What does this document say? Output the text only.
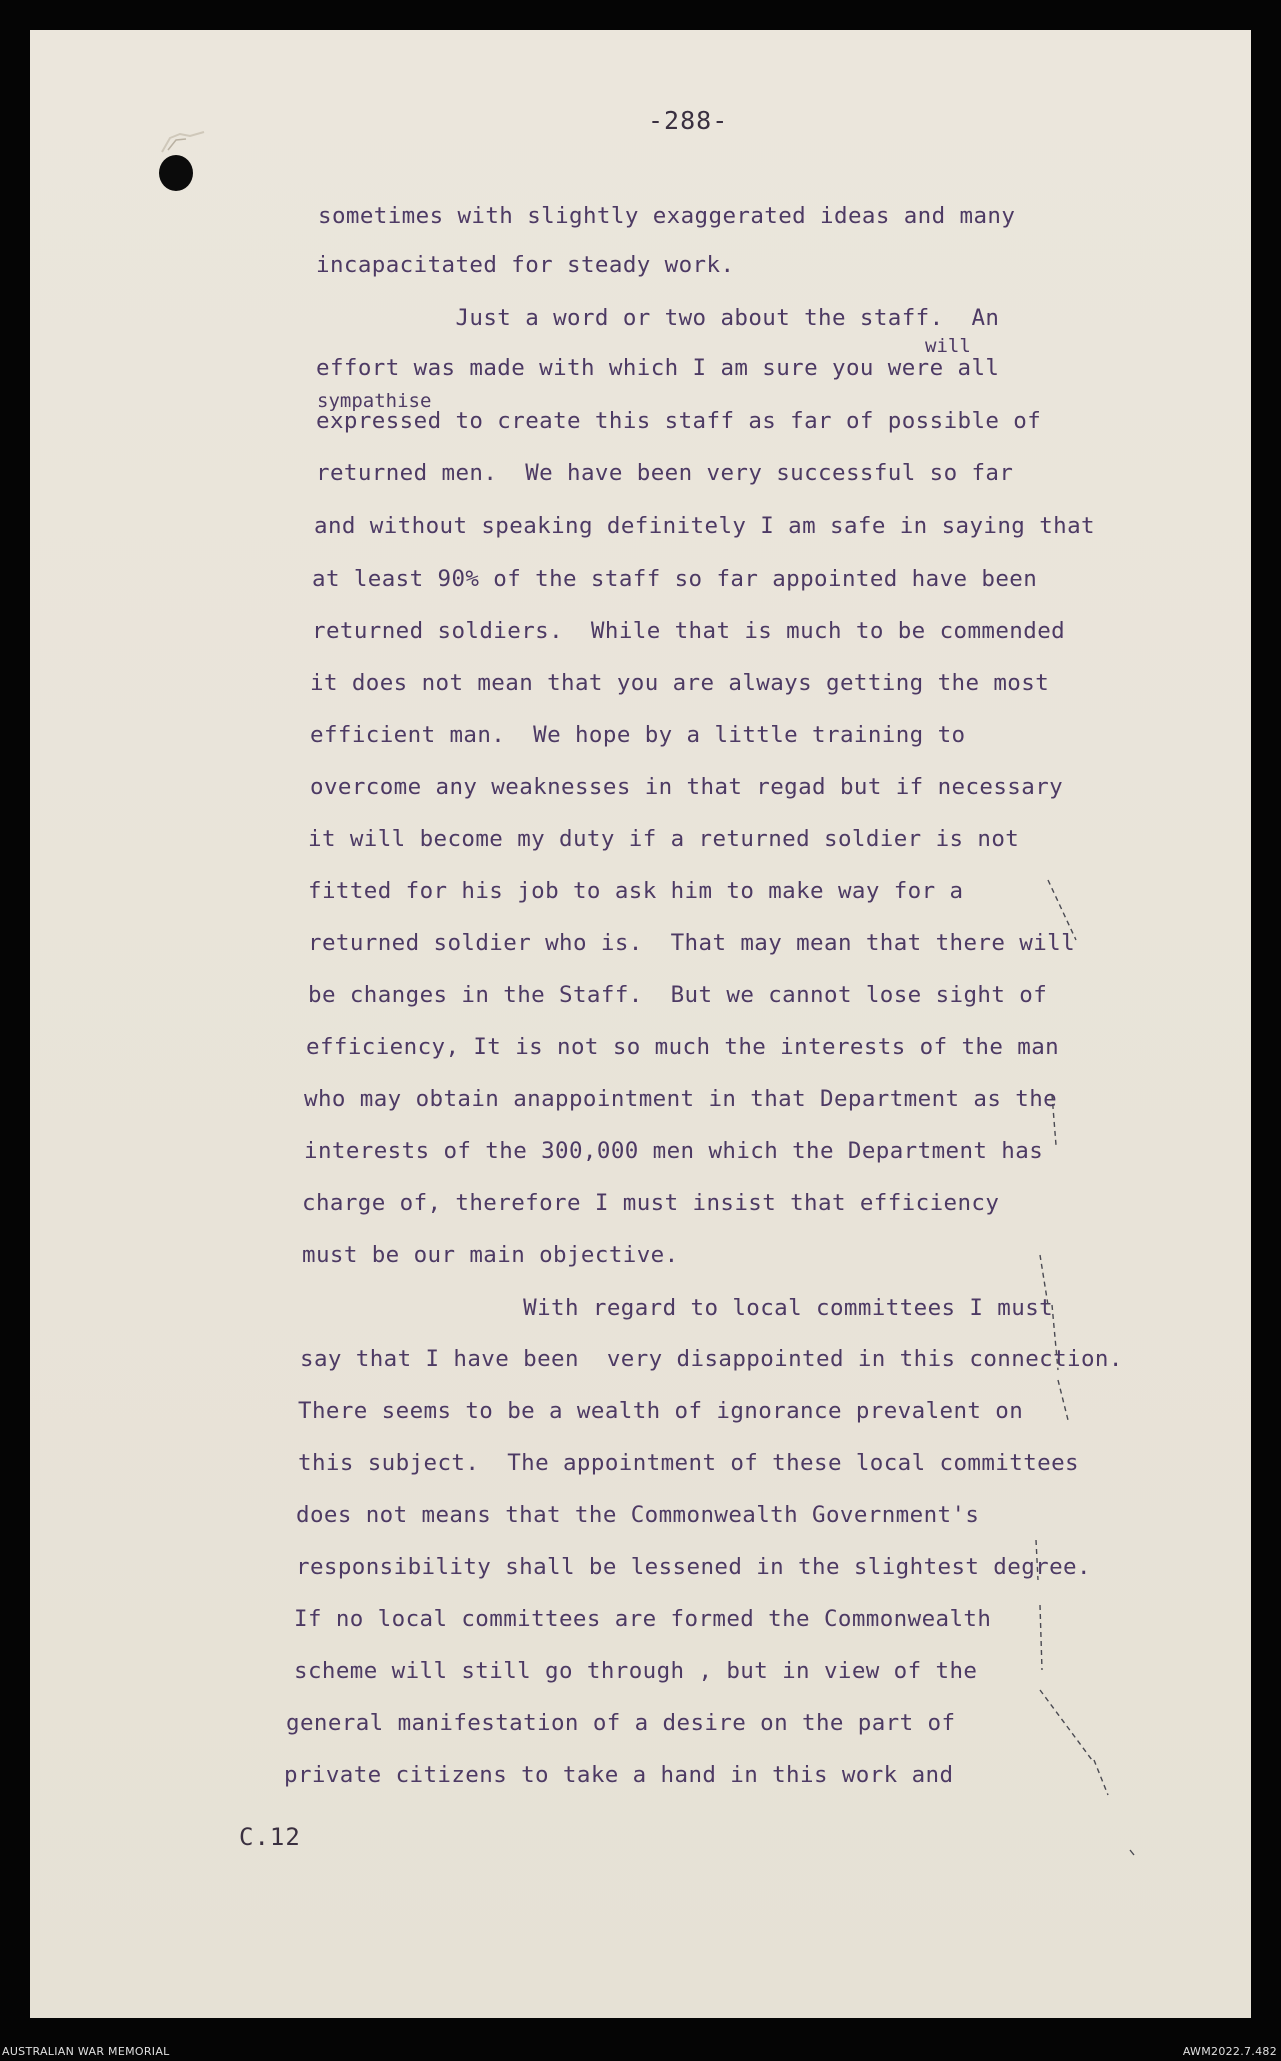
-288-
will
sympathise
sometimes with slightly exaggerated ideas and many
incapacitated for steady work.
Just a word or two about the staff.  An
effort was made with which I am sure you were all
expressed to create this staff as far of possible of
returned men.  We have been very successful so far
and without speaking definitely I am safe in saying that
at least 90% of the staff so far appointed have been
returned soldiers.  While that is much to be commended
it does not mean that you are always getting the most
efficient man.  We hope by a little training to
overcome any weaknesses in that regad but if necessary
it will become my duty if a returned soldier is not
fitted for his job to ask him to make way for a
returned soldier who is.  That may mean that there will
be changes in the Staff.  But we cannot lose sight of
efficiency, It is not so much the interests of the man
who may obtain anappointment in that Department as the
interests of the 300,000 men which the Department has
charge of, therefore I must insist that efficiency
must be our main objective.
With regard to local committees I must
say that I have been  very disappointed in this connection.
There seems to be a wealth of ignorance prevalent on
this subject.  The appointment of these local committees
does not means that the Commonwealth Government's
responsibility shall be lessened in the slightest degree.
If no local committees are formed the Commonwealth
scheme will still go through , but in view of the
general manifestation of a desire on the part of
private citizens to take a hand in this work and
C.12
AUSTRALIAN WAR MEMORIAL	AWM2022.7.482
